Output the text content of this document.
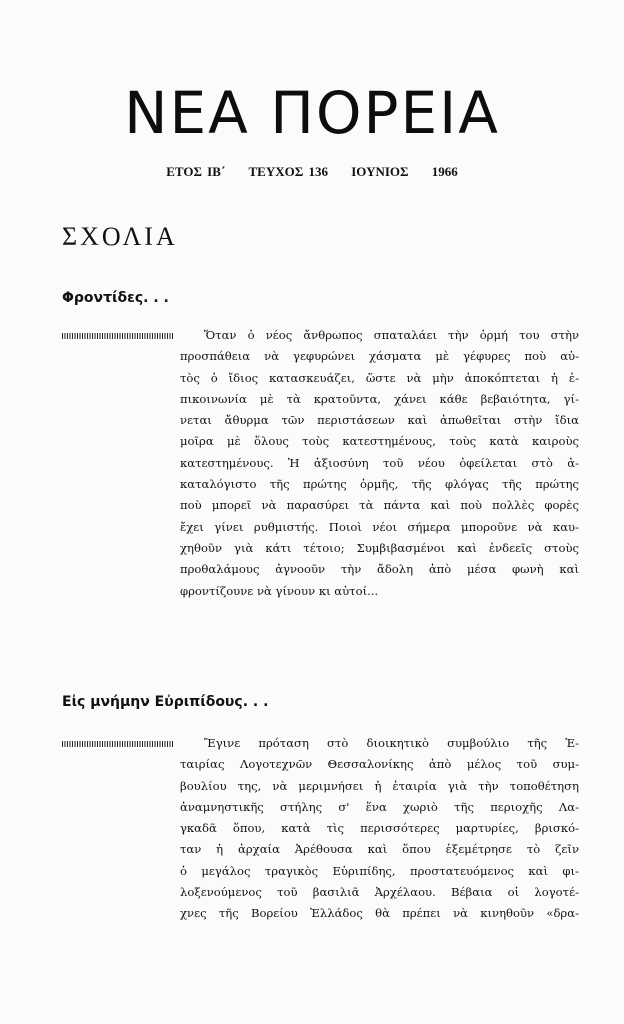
ΝΕΑ ΠΟΡΕΙΑ
ΕΤΟΣ ΙΒ΄ ΤΕΥΧΟΣ 136 ΙΟΥΝΙΟΣ 1966
ΣΧΟΛΙΑ
Φροντίδες. . .
Ὅταν ὁ νέος ἄνθρωπος σπαταλάει τὴν ὁρμή του στὴν
προσπάθεια νὰ γεφυρώνει χάσματα μὲ γέφυρες ποὺ αὐ-
τὸς ὁ ἴδιος κατασκευάζει, ὥστε νὰ μὴν ἀποκόπτεται ἡ ἐ-
πικοινωνία μὲ τὰ κρατοῦντα, χάνει κάθε βεβαιότητα, γί-
νεται ἄθυρμα τῶν περιστάσεων καὶ ἀπωθεῖται στὴν ἴδια
μοῖρα μὲ ὅλους τοὺς κατεστημένους, τοὺς κατὰ καιροὺς
κατεστημένους. Ἡ ἀξιοσύνη τοῦ νέου ὀφείλεται στὸ ἀ-
καταλόγιστο τῆς πρώτης ὁρμῆς, τῆς φλόγας τῆς πρώτης
ποὺ μπορεῖ νὰ παρασύρει τὰ πάντα καὶ ποὺ πολλὲς φορὲς
ἔχει γίνει ρυθμιστής. Ποιοὶ νέοι σήμερα μποροῦνε νὰ καυ-
χηθοῦν γιὰ κάτι τέτοιο; Συμβιβασμένοι καὶ ἐνδεεῖς στοὺς
προθαλάμους ἀγνοοῦν τὴν ἄδολη ἀπὸ μέσα φωνὴ καὶ
φροντίζουνε νὰ γίνουν κι αὐτοί...
Εἰς μνήμην Εὐριπίδους. . .
Ἔγινε πρόταση στὸ διοικητικὸ συμβούλιο τῆς Ἑ-
ταιρίας Λογοτεχνῶν Θεσσαλονίκης ἀπὸ μέλος τοῦ συμ-
βουλίου της, νὰ μεριμνήσει ἡ ἑταιρία γιὰ τὴν τοποθέτηση
ἀναμνηστικῆς στήλης σ' ἕνα χωριὸ τῆς περιοχῆς Λα-
γκαδᾶ ὅπου, κατὰ τὶς περισσότερες μαρτυρίες, βρισκό-
ταν ἡ ἀρχαία Ἀρέθουσα καὶ ὅπου ἐξεμέτρησε τὸ ζεῖν
ὁ μεγάλος τραγικὸς Εὐριπίδης, προστατευόμενος καὶ φι-
λοξενούμενος τοῦ βασιλιᾶ Ἀρχέλαου. Βέβαια οἱ λογοτέ-
χνες τῆς Βορείου Ἑλλάδος θὰ πρέπει νὰ κινηθοῦν «δρα-
